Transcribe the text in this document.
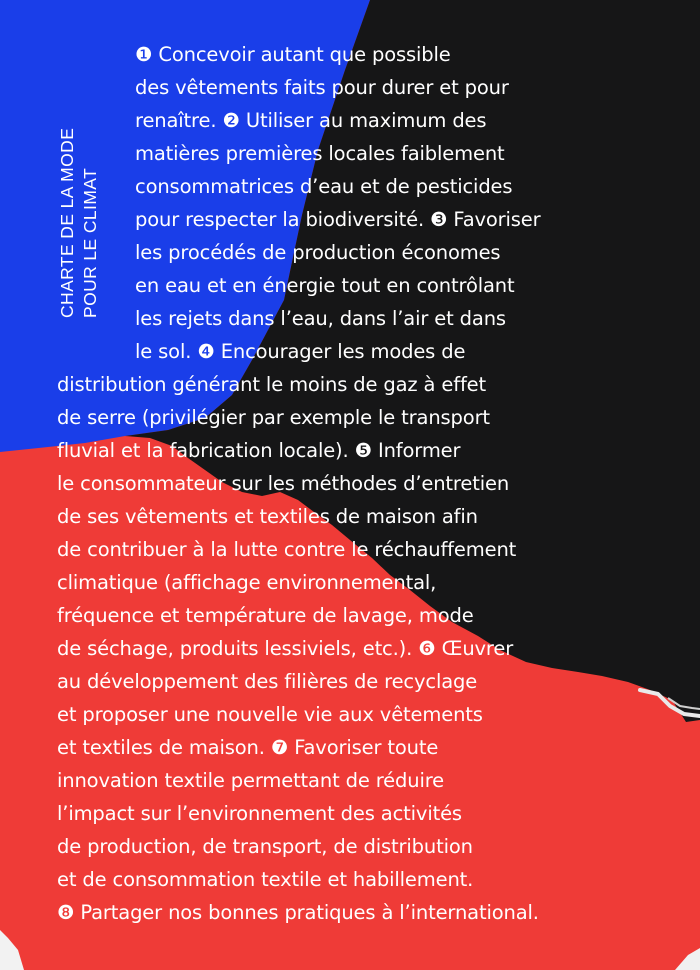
CHARTE DE LA MODE POUR LE CLIMAT
❶ Concevoir autant que possible
des vêtements faits pour durer et pour
renaître. ❷ Utiliser au maximum des
matières premières locales faiblement
consommatrices d’eau et de pesticides
pour respecter la biodiversité. ❸ Favoriser
les procédés de production économes
en eau et en énergie tout en contrôlant
les rejets dans l’eau, dans l’air et dans
le sol. ❹ Encourager les modes de
distribution générant le moins de gaz à effet
de serre (privilégier par exemple le transport
fluvial et la fabrication locale). ❺ Informer
le consommateur sur les méthodes d’entretien
de ses vêtements et textiles de maison afin
de contribuer à la lutte contre le réchauffement
climatique (affichage environnemental,
fréquence et température de lavage, mode
de séchage, produits lessiviels, etc.). ❻ Œuvrer
au développement des filières de recyclage
et proposer une nouvelle vie aux vêtements
et textiles de maison. ❼ Favoriser toute
innovation textile permettant de réduire
l’impact sur l’environnement des activités
de production, de transport, de distribution
et de consommation textile et habillement.
❽ Partager nos bonnes pratiques à l’international.
